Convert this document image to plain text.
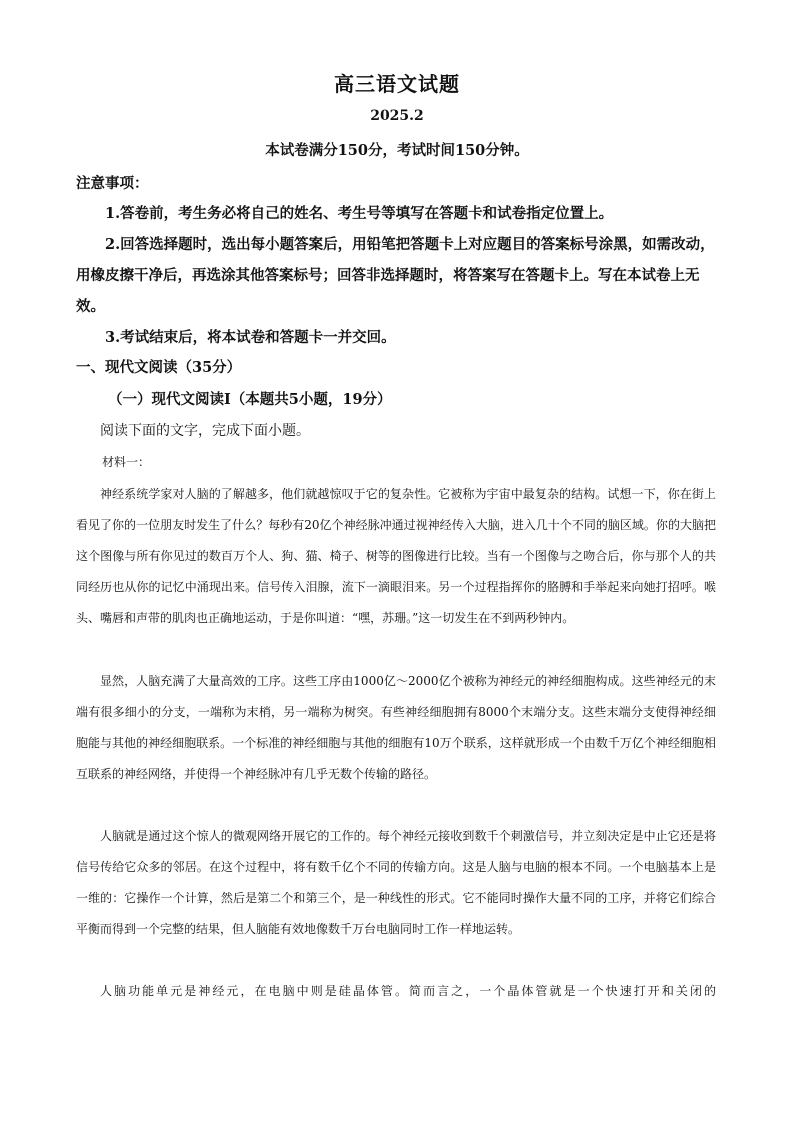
高三语文试题
2025.2
本试卷满分150分，考试时间150分钟。
注意事项：

1.答卷前，考生务必将自己的姓名、考生号等填写在答题卡和试卷指定位置上。

2.回答选择题时，选出每小题答案后，用铅笔把答题卡上对应题目的答案标号涂黑，如需改动，用橡皮擦干净后，再选涂其他答案标号；回答非选择题时，将答案写在答题卡上。写在本试卷上无效。

3.考试结束后，将本试卷和答题卡一并交回。

一、现代文阅读（35分）
（一）现代文阅读Ⅰ（本题共5小题，19分）
阅读下面的文字，完成下面小题。
材料一：

神经系统学家对人脑的了解越多，他们就越惊叹于它的复杂性。它被称为宇宙中最复杂的结构。试想一下，你在街上看见了你的一位朋友时发生了什么？每秒有20亿个神经脉冲通过视神经传入大脑，进入几十个不同的脑区域。你的大脑把这个图像与所有你见过的数百万个人、狗、猫、椅子、树等的图像进行比较。当有一个图像与之吻合后，你与那个人的共同经历也从你的记忆中涌现出来。信号传入泪腺，流下一滴眼泪来。另一个过程指挥你的胳膊和手举起来向她打招呼。喉头、嘴唇和声带的肌肉也正确地运动，于是你叫道：“嘿，苏珊。”这一切发生在不到两秒钟内。

显然，人脑充满了大量高效的工序。这些工序由1000亿～2000亿个被称为神经元的神经细胞构成。这些神经元的末端有很多细小的分支，一端称为末梢，另一端称为树突。有些神经细胞拥有8000个末端分支。这些末端分支使得神经细胞能与其他的神经细胞联系。一个标准的神经细胞与其他的细胞有10万个联系，这样就形成一个由数千万亿个神经细胞相互联系的神经网络，并使得一个神经脉冲有几乎无数个传输的路径。

人脑就是通过这个惊人的微观网络开展它的工作的。每个神经元接收到数千个刺激信号，并立刻决定是中止它还是将信号传给它众多的邻居。在这个过程中，将有数千亿个不同的传输方向。这是人脑与电脑的根本不同。一个电脑基本上是一维的：它操作一个计算，然后是第二个和第三个，是一种线性的形式。它不能同时操作大量不同的工序，并将它们综合平衡而得到一个完整的结果，但人脑能有效地像数千万台电脑同时工作一样地运转。

人脑功能单元是神经元，在电脑中则是硅晶体管。简而言之，一个晶体管就是一个快速打开和关闭的
